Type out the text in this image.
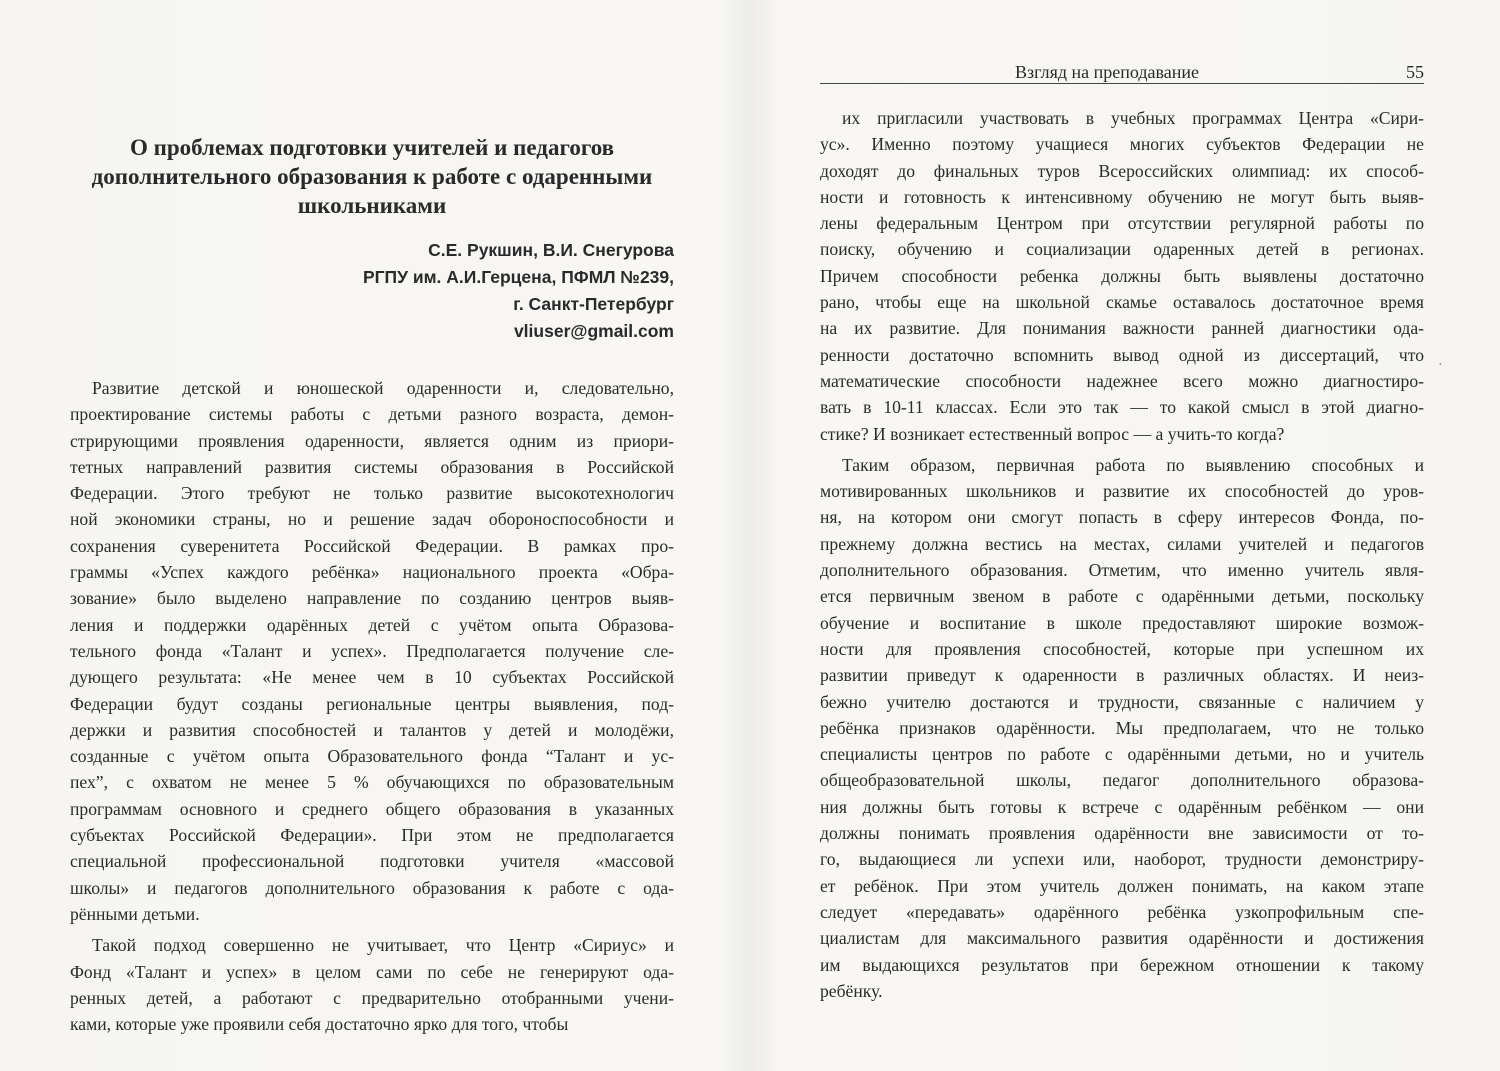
О проблемах подготовки учителей и педагогов
дополнительного образования к работе с одаренными
школьниками
С.Е. Рукшин, В.И. Снегурова
РГПУ им. А.И.Герцена, ПФМЛ №239,
г. Санкт-Петербург
vliuser@gmail.com
Развитие детской и юношеской одаренности и, следовательно,
проектирование системы работы с детьми разного возраста, демон-
стрирующими проявления одаренности, является одним из приори-
тетных направлений развития системы образования в Российской
Федерации. Этого требуют не только развитие высокотехнологич
ной экономики страны, но и решение задач обороноспособности и
сохранения суверенитета Российской Федерации. В рамках про-
граммы «Успех каждого ребёнка» национального проекта «Обра-
зование» было выделено направление по созданию центров выяв-
ления и поддержки одарённых детей с учётом опыта Образова-
тельного фонда «Талант и успех». Предполагается получение сле-
дующего результата: «Не менее чем в 10 субъектах Российской
Федерации будут созданы региональные центры выявления, под-
держки и развития способностей и талантов у детей и молодёжи,
созданные с учётом опыта Образовательного фонда “Талант и ус-
пех”, с охватом не менее 5 % обучающихся по образовательным
программам основного и среднего общего образования в указанных
субъектах Российской Федерации». При этом не предполагается
специальной профессиональной подготовки учителя «массовой
школы» и педагогов дополнительного образования к работе с ода-
рёнными детьми.
Такой подход совершенно не учитывает, что Центр «Сириус» и
Фонд «Талант и успех» в целом сами по себе не генерируют ода-
ренных детей, а работают с предварительно отобранными учени-
ками, которые уже проявили себя достаточно ярко для того, чтобы
Взгляд на преподавание	55
их пригласили участвовать в учебных программах Центра «Сири-
ус». Именно поэтому учащиеся многих субъектов Федерации не
доходят до финальных туров Всероссийских олимпиад: их способ-
ности и готовность к интенсивному обучению не могут быть выяв-
лены федеральным Центром при отсутствии регулярной работы по
поиску, обучению и социализации одаренных детей в регионах.
Причем способности ребенка должны быть выявлены достаточно
рано, чтобы еще на школьной скамье оставалось достаточное время
на их развитие. Для понимания важности ранней диагностики ода-
ренности достаточно вспомнить вывод одной из диссертаций, что
математические способности надежнее всего можно диагностиро-
вать в 10-11 классах. Если это так — то какой смысл в этой диагно-
стике? И возникает естественный вопрос — а учить-то когда?
Таким образом, первичная работа по выявлению способных и
мотивированных школьников и развитие их способностей до уров-
ня, на котором они смогут попасть в сферу интересов Фонда, по-
прежнему должна вестись на местах, силами учителей и педагогов
дополнительного образования. Отметим, что именно учитель явля-
ется первичным звеном в работе с одарёнными детьми, поскольку
обучение и воспитание в школе предоставляют широкие возмож-
ности для проявления способностей, которые при успешном их
развитии приведут к одаренности в различных областях. И неиз-
бежно учителю достаются и трудности, связанные с наличием у
ребёнка признаков одарённости. Мы предполагаем, что не только
специалисты центров по работе с одарёнными детьми, но и учитель
общеобразовательной школы, педагог дополнительного образова-
ния должны быть готовы к встрече с одарённым ребёнком — они
должны понимать проявления одарённости вне зависимости от то-
го, выдающиеся ли успехи или, наоборот, трудности демонстриру-
ет ребёнок. При этом учитель должен понимать, на каком этапе
следует «передавать» одарённого ребёнка узкопрофильным спе-
циалистам для максимального развития одарённости и достижения
им выдающихся результатов при бережном отношении к такому
ребёнку.
·
